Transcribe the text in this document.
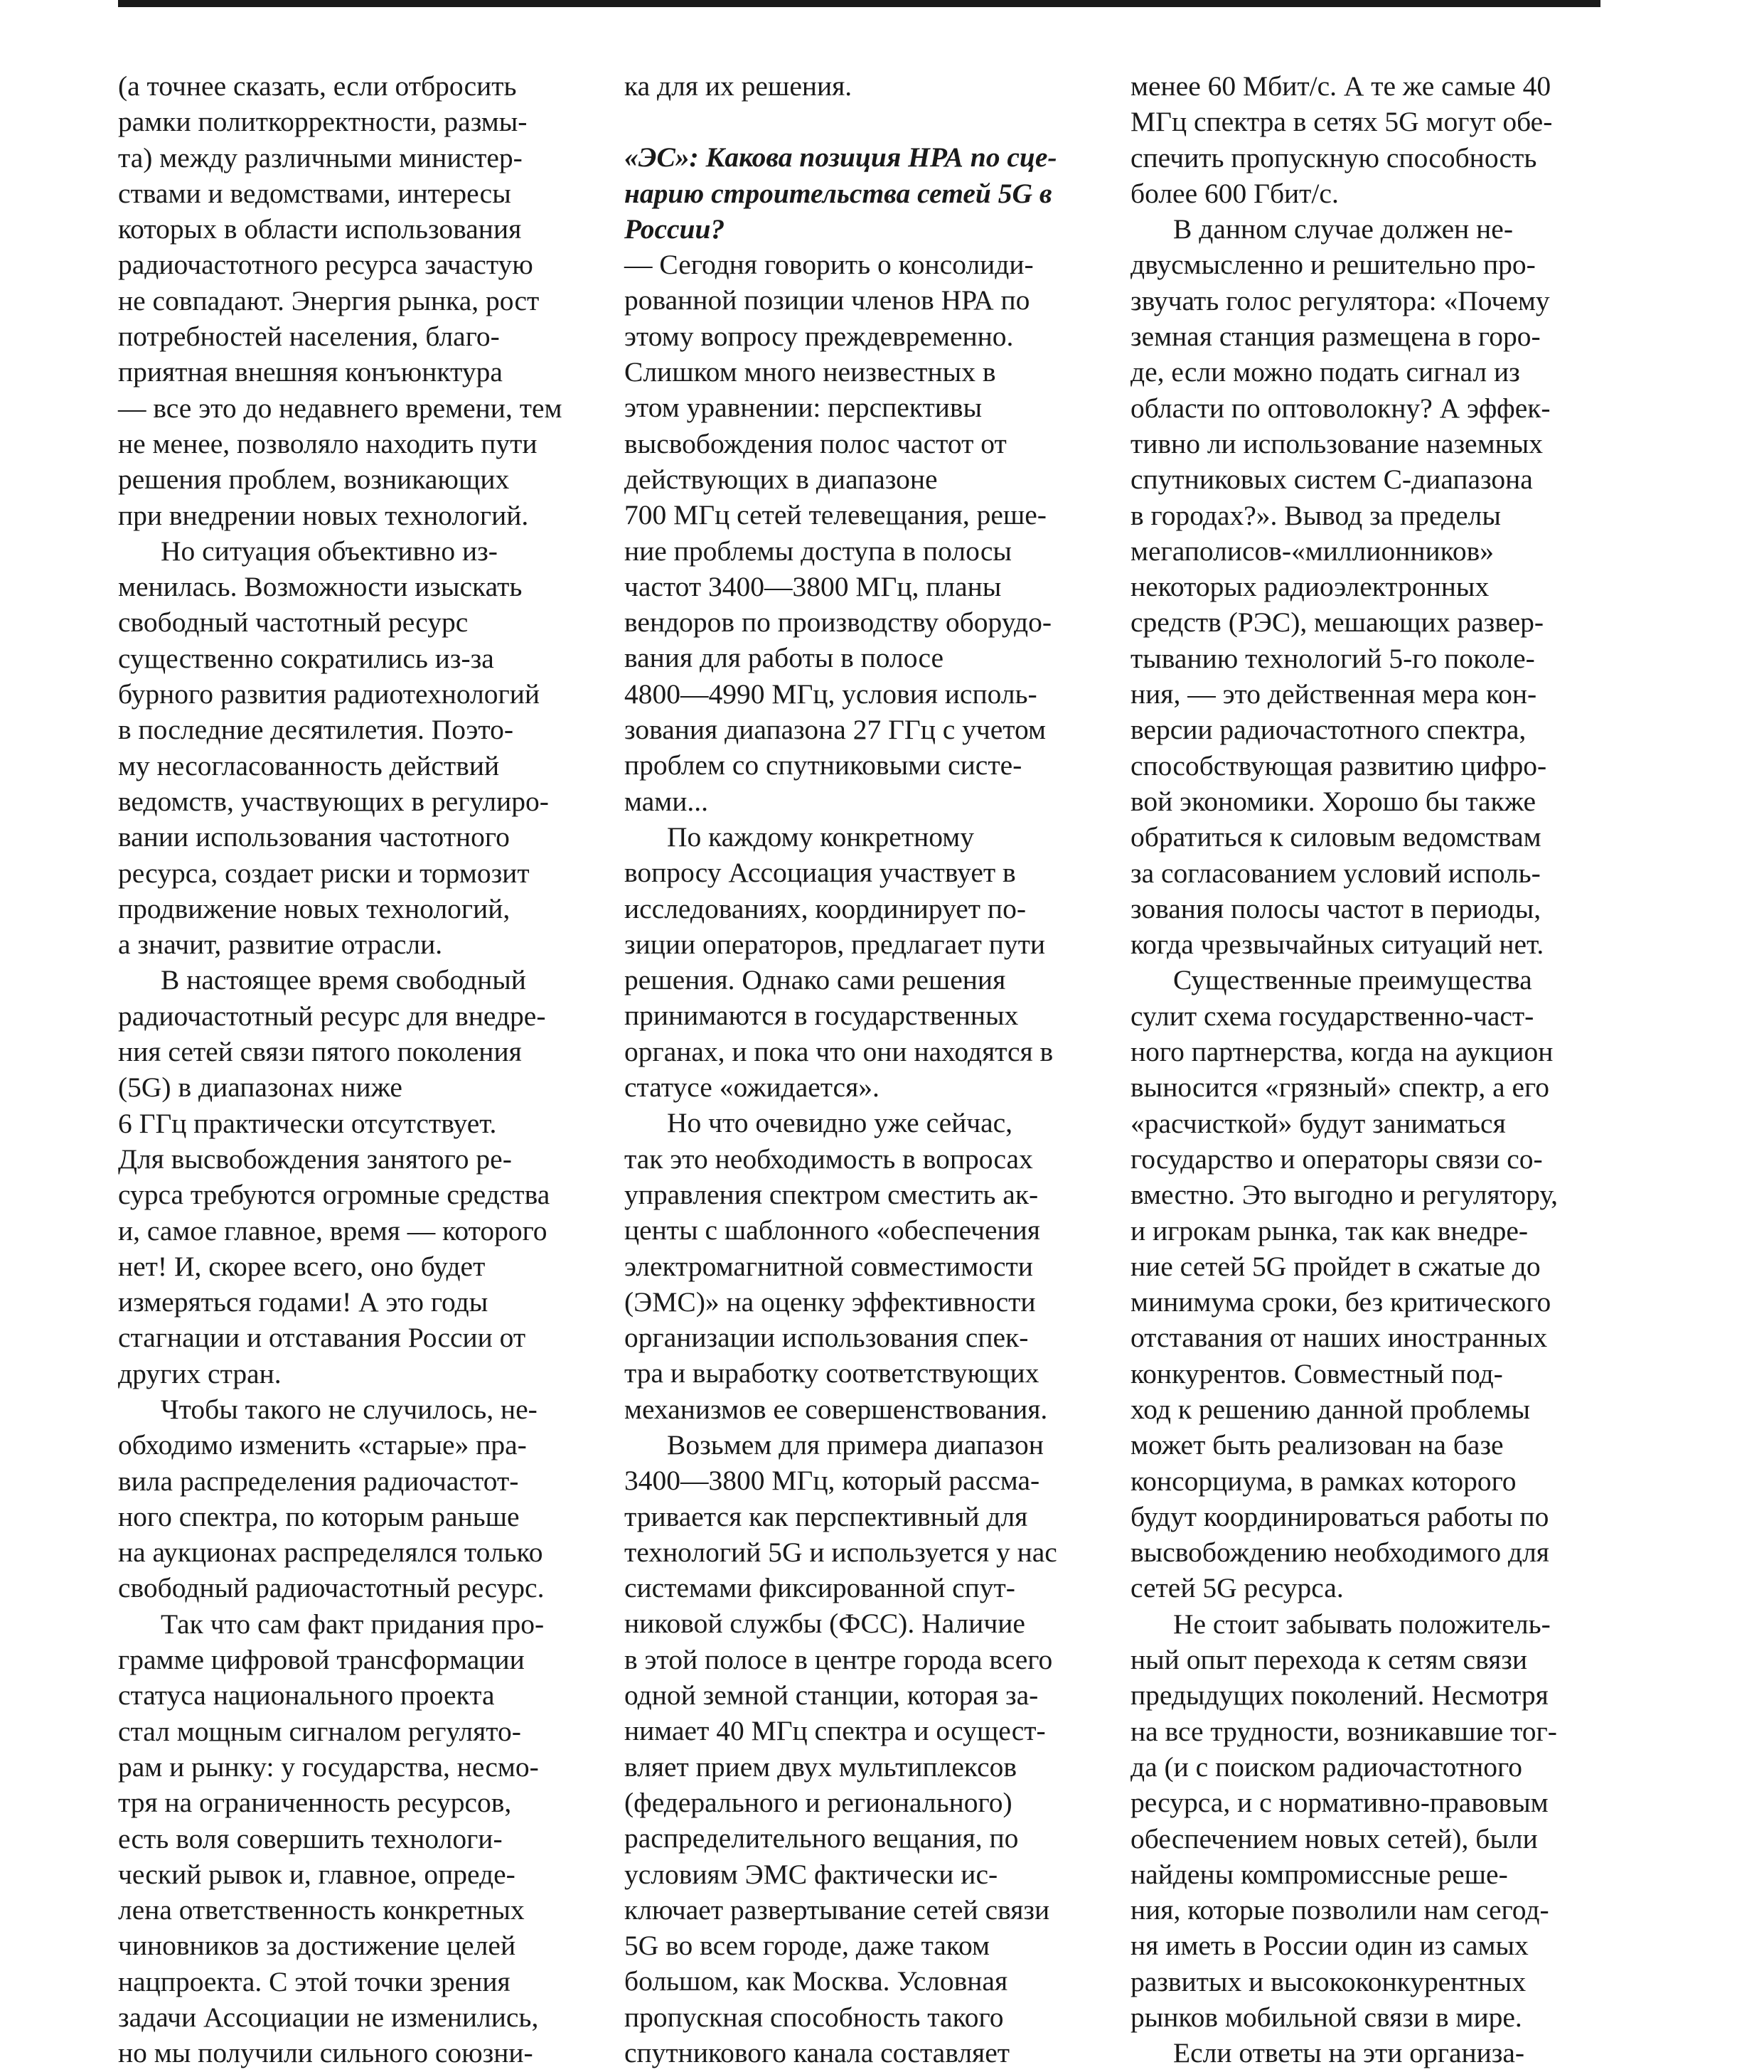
(а точнее сказать, если отбросить
рамки политкорректности, размы-
та) между различными министер-
ствами и ведомствами, интересы
которых в области использования
радиочастотного ресурса зачастую
не совпадают. Энергия рынка, рост
потребностей населения, благо-
приятная внешняя конъюнктура
— все это до недавнего времени, тем
не менее, позволяло находить пути
решения проблем, возникающих
при внедрении новых технологий.

Но ситуация объективно из-
менилась. Возможности изыскать
свободный частотный ресурс
существенно сократились из-за
бурного развития радиотехнологий
в последние десятилетия. Поэто-
му несогласованность действий
ведомств, участвующих в регулиро-
вании использования частотного
ресурса, создает риски и тормозит
продвижение новых технологий,
а значит, развитие отрасли.

В настоящее время свободный
радиочастотный ресурс для внедре-
ния сетей связи пятого поколения
(5G) в диапазонах ниже
6 ГГц практически отсутствует.
Для высвобождения занятого ре-
сурса требуются огромные средства
и, самое главное, время — которого
нет! И, скорее всего, оно будет
измеряться годами! А это годы
стагнации и отставания России от
других стран.

Чтобы такого не случилось, не-
обходимо изменить «старые» пра-
вила распределения радиочастот-
ного спектра, по которым раньше
на аукционах распределялся только
свободный радиочастотный ресурс.

Так что сам факт придания про-
грамме цифровой трансформации
статуса национального проекта
стал мощным сигналом регулято-
рам и рынку: у государства, несмо-
тря на ограниченность ресурсов,
есть воля совершить технологи-
ческий рывок и, главное, опреде-
лена ответственность конкретных
чиновников за достижение целей
нацпроекта. С этой точки зрения
задачи Ассоциации не изменились,
но мы получили сильного союзни-

ка для их решения.

«ЭС»: Какова позиция НРА по сце-
нарию строительства сетей 5G в
России?

— Сегодня говорить о консолиди-
рованной позиции членов НРА по
этому вопросу преждевременно.
Слишком много неизвестных в
этом уравнении: перспективы
высвобождения полос частот от
действующих в диапазоне
700 МГц сетей телевещания, реше-
ние проблемы доступа в полосы
частот 3400—3800 МГц, планы
вендоров по производству оборудо-
вания для работы в полосе
4800—4990 МГц, условия исполь-
зования диапазона 27 ГГц с учетом
проблем со спутниковыми систе-
мами...

По каждому конкретному
вопросу Ассоциация участвует в
исследованиях, координирует по-
зиции операторов, предлагает пути
решения. Однако сами решения
принимаются в государственных
органах, и пока что они находятся в
статусе «ожидается».

Но что очевидно уже сейчас,
так это необходимость в вопросах
управления спектром сместить ак-
центы с шаблонного «обеспечения
электромагнитной совместимости
(ЭМС)» на оценку эффективности
организации использования спек-
тра и выработку соответствующих
механизмов ее совершенствования.

Возьмем для примера диапазон
3400—3800 МГц, который рассма-
тривается как перспективный для
технологий 5G и используется у нас
системами фиксированной спут-
никовой службы (ФСС). Наличие
в этой полосе в центре города всего
одной земной станции, которая за-
нимает 40 МГц спектра и осущест-
вляет прием двух мультиплексов
(федерального и регионального)
распределительного вещания, по
условиям ЭМС фактически ис-
ключает развертывание сетей связи
5G во всем городе, даже таком
большом, как Москва. Условная
пропускная способность такого
спутникового канала составляет

менее 60 Мбит/с. А те же самые 40
МГц спектра в сетях 5G могут обе-
спечить пропускную способность
более 600 Гбит/с.

В данном случае должен не-
двусмысленно и решительно про-
звучать голос регулятора: «Почему
земная станция размещена в горо-
де, если можно подать сигнал из
области по оптоволокну? А эффек-
тивно ли использование наземных
спутниковых систем С-диапазона
в городах?». Вывод за пределы
мегаполисов-«миллионников»
некоторых радиоэлектронных
средств (РЭС), мешающих развер-
тыванию технологий 5-го поколе-
ния, — это действенная мера кон-
версии радиочастотного спектра,
способствующая развитию цифро-
вой экономики. Хорошо бы также
обратиться к силовым ведомствам
за согласованием условий исполь-
зования полосы частот в периоды,
когда чрезвычайных ситуаций нет.

Существенные преимущества
сулит схема государственно-част-
ного партнерства, когда на аукцион
выносится «грязный» спектр, а его
«расчисткой» будут заниматься
государство и операторы связи со-
вместно. Это выгодно и регулятору,
и игрокам рынка, так как внедре-
ние сетей 5G пройдет в сжатые до
минимума сроки, без критического
отставания от наших иностранных
конкурентов. Совместный под-
ход к решению данной проблемы
может быть реализован на базе
консорциума, в рамках которого
будут координироваться работы по
высвобождению необходимого для
сетей 5G ресурса.

Не стоит забывать положитель-
ный опыт перехода к сетям связи
предыдущих поколений. Несмотря
на все трудности, возникавшие тог-
да (и с поиском радиочастотного
ресурса, и с нормативно-правовым
обеспечением новых сетей), были
найдены компромиссные реше-
ния, которые позволили нам сегод-
ня иметь в России один из самых
развитых и высококонкурентных
рынков мобильной связи в мире.

Если ответы на эти организа-
